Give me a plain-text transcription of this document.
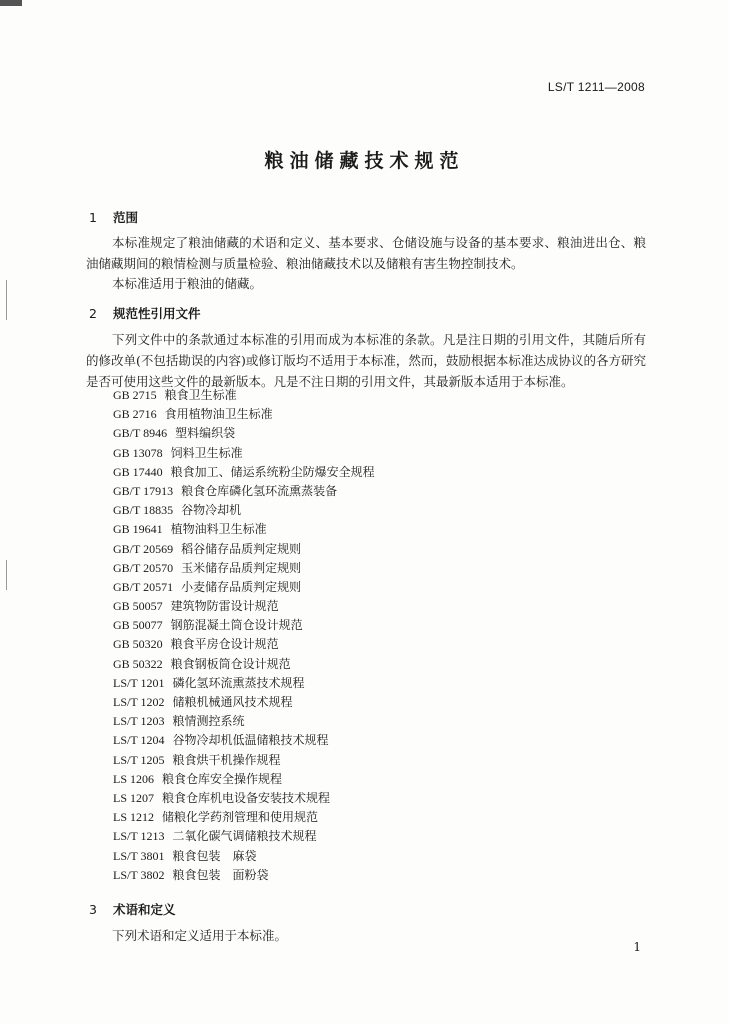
LS/T 1211—2008
粮油储藏技术规范
1 范围
本标准规定了粮油储藏的术语和定义、基本要求、仓储设施与设备的基本要求、粮油进出仓、粮油储藏期间的粮情检测与质量检验、粮油储藏技术以及储粮有害生物控制技术。
本标准适用于粮油的储藏。
2 规范性引用文件
下列文件中的条款通过本标准的引用而成为本标准的条款。凡是注日期的引用文件，其随后所有的修改单(不包括勘误的内容)或修订版均不适用于本标准，然而，鼓励根据本标准达成协议的各方研究是否可使用这些文件的最新版本。凡是不注日期的引用文件，其最新版本适用于本标准。
GB 2715 粮食卫生标准
GB 2716 食用植物油卫生标准
GB/T 8946 塑料编织袋
GB 13078 饲料卫生标准
GB 17440 粮食加工、储运系统粉尘防爆安全规程
GB/T 17913 粮食仓库磷化氢环流熏蒸装备
GB/T 18835 谷物冷却机
GB 19641 植物油料卫生标准
GB/T 20569 稻谷储存品质判定规则
GB/T 20570 玉米储存品质判定规则
GB/T 20571 小麦储存品质判定规则
GB 50057 建筑物防雷设计规范
GB 50077 钢筋混凝土筒仓设计规范
GB 50320 粮食平房仓设计规范
GB 50322 粮食钢板筒仓设计规范
LS/T 1201 磷化氢环流熏蒸技术规程
LS/T 1202 储粮机械通风技术规程
LS/T 1203 粮情测控系统
LS/T 1204 谷物冷却机低温储粮技术规程
LS/T 1205 粮食烘干机操作规程
LS 1206 粮食仓库安全操作规程
LS 1207 粮食仓库机电设备安装技术规程
LS 1212 储粮化学药剂管理和使用规范
LS/T 1213 二氧化碳气调储粮技术规程
LS/T 3801 粮食包装　麻袋
LS/T 3802 粮食包装　面粉袋
3 术语和定义
下列术语和定义适用于本标准。
1
